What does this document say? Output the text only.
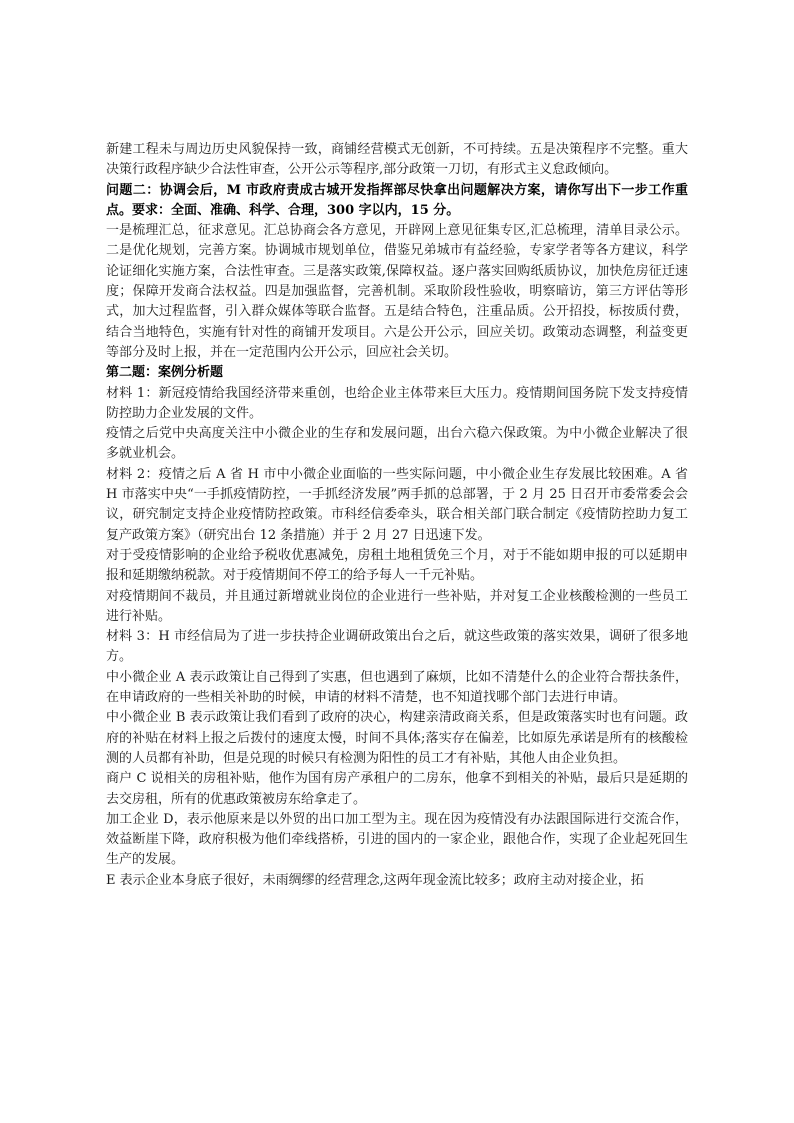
新建工程未与周边历史风貌保持一致，商铺经营模式无创新，不可持续。五是决策程序不完整。重大决策行政程序缺少合法性审查，公开公示等程序,部分政策一刀切，有形式主义怠政倾向。

问题二：协调会后，M 市政府责成古城开发指挥部尽快拿出问题解决方案，请你写出下一步工作重点。要求：全面、准确、科学、合理，300 字以内，15 分。

一是梳理汇总，征求意见。汇总协商会各方意见，开辟网上意见征集专区,汇总梳理，清单目录公示。二是优化规划，完善方案。协调城市规划单位，借鉴兄弟城市有益经验，专家学者等各方建议，科学论证细化实施方案，合法性审查。三是落实政策,保障权益。逐户落实回购纸质协议，加快危房征迁速度；保障开发商合法权益。四是加强监督，完善机制。采取阶段性验收，明察暗访，第三方评估等形式，加大过程监督，引入群众媒体等联合监督。五是结合特色，注重品质。公开招投，标按质付费，结合当地特色，实施有针对性的商铺开发项目。六是公开公示，回应关切。政策动态调整，利益变更等部分及时上报，并在一定范围内公开公示，回应社会关切。

第二题：案例分析题

材料 1：新冠疫情给我国经济带来重创，也给企业主体带来巨大压力。疫情期间国务院下发支持疫情防控助力企业发展的文件。

疫情之后党中央高度关注中小微企业的生存和发展问题，出台六稳六保政策。为中小微企业解决了很多就业机会。

材料 2：疫情之后 A 省 H 市中小微企业面临的一些实际问题，中小微企业生存发展比较困难。A 省 H 市落实中央“一手抓疫情防控，一手抓经济发展”两手抓的总部署，于 2 月 25 日召开市委常委会会议，研究制定支持企业疫情防控政策。市科经信委牵头，联合相关部门联合制定《疫情防控助力复工复产政策方案》（研究出台 12 条措施）并于 2 月 27 日迅速下发。

对于受疫情影响的企业给予税收优惠减免，房租土地租赁免三个月，对于不能如期申报的可以延期申报和延期缴纳税款。对于疫情期间不停工的给予每人一千元补贴。

对疫情期间不裁员，并且通过新增就业岗位的企业进行一些补贴，并对复工企业核酸检测的一些员工进行补贴。

材料 3：H 市经信局为了进一步扶持企业调研政策出台之后，就这些政策的落实效果，调研了很多地方。

中小微企业 A 表示政策让自己得到了实惠，但也遇到了麻烦，比如不清楚什么的企业符合帮扶条件，在申请政府的一些相关补助的时候，申请的材料不清楚，也不知道找哪个部门去进行申请。

中小微企业 B 表示政策让我们看到了政府的决心，构建亲清政商关系，但是政策落实时也有问题。政府的补贴在材料上报之后拨付的速度太慢，时间不具体;落实存在偏差，比如原先承诺是所有的核酸检测的人员都有补助，但是兑现的时候只有检测为阳性的员工才有补贴，其他人由企业负担。

商户 C 说相关的房租补贴，他作为国有房产承租户的二房东，他拿不到相关的补贴，最后只是延期的去交房租，所有的优惠政策被房东给拿走了。

加工企业 D，表示他原来是以外贸的出口加工型为主。现在因为疫情没有办法跟国际进行交流合作，效益断崖下降，政府积极为他们牵线搭桥，引进的国内的一家企业，跟他合作，实现了企业起死回生生产的发展。

E 表示企业本身底子很好，未雨绸缪的经营理念,这两年现金流比较多；政府主动对接企业，拓
